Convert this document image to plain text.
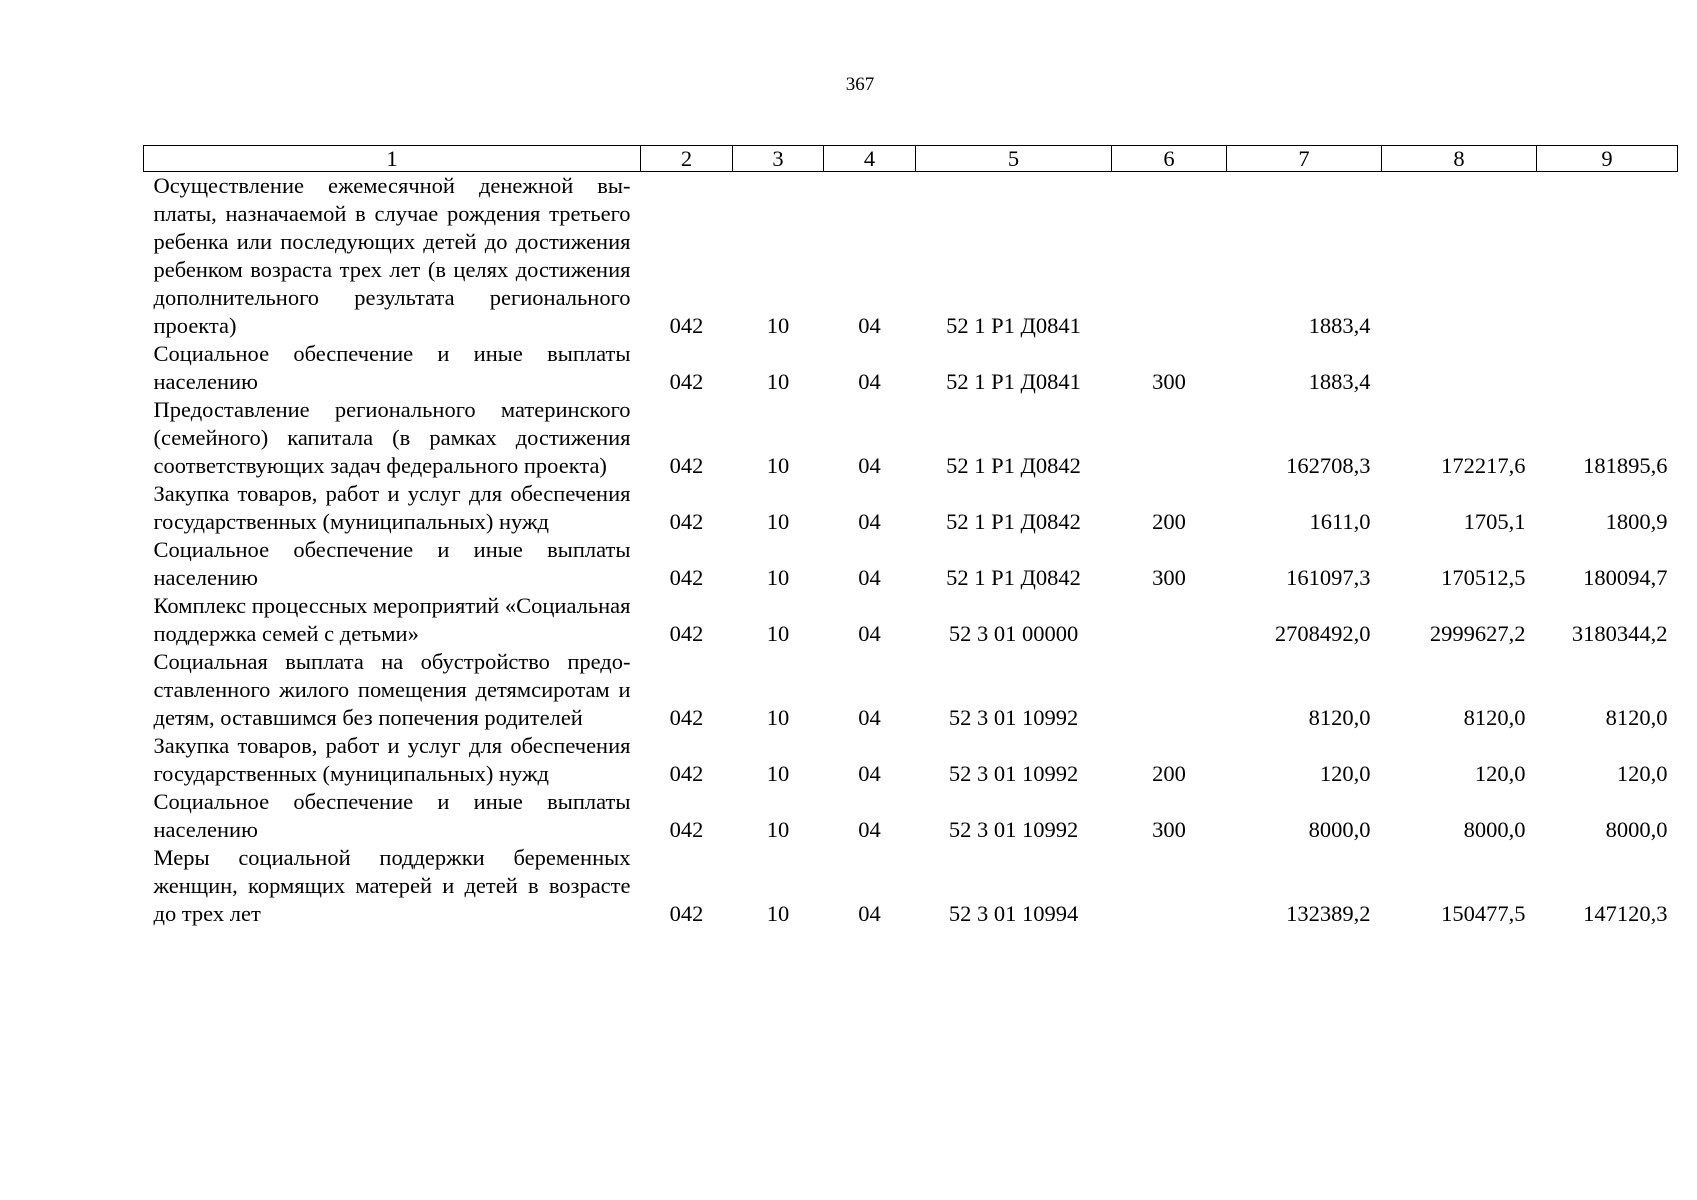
367
1	2	3	4	5	6	7	8	9
Осуществление ежемесячной денежной выплаты, назначаемой в случае рождения третьего ребенка или последующих детей до достижения ребенком возраста трех лет (в целях достижения дополнительного результата регионального проекта)	042	10	04	52 1 Р1 Д0841		1883,4		
Социальное обеспечение и иные выплаты населению	042	10	04	52 1 Р1 Д0841	300	1883,4		
Предоставление регионального материнского (семейного) капитала (в рамках достижения соответствующих задач федерального проекта)	042	10	04	52 1 Р1 Д0842		162708,3	172217,6	181895,6
Закупка товаров, работ и услуг для обеспечения государственных (муниципальных) нужд	042	10	04	52 1 Р1 Д0842	200	1611,0	1705,1	1800,9
Социальное обеспечение и иные выплаты населению	042	10	04	52 1 Р1 Д0842	300	161097,3	170512,5	180094,7
Комплекс процессных мероприятий «Социальная поддержка семей с детьми»	042	10	04	52 3 01 00000		2708492,0	2999627,2	3180344,2
Социальная выплата на обустройство предоставленного жилого помещения детямсиротам и детям, оставшимся без попечения родителей	042	10	04	52 3 01 10992		8120,0	8120,0	8120,0
Закупка товаров, работ и услуг для обеспечения государственных (муниципальных) нужд	042	10	04	52 3 01 10992	200	120,0	120,0	120,0
Социальное обеспечение и иные выплаты населению	042	10	04	52 3 01 10992	300	8000,0	8000,0	8000,0
Меры социальной поддержки беременных женщин, кормящих матерей и детей в возрасте до трех лет	042	10	04	52 3 01 10994		132389,2	150477,5	147120,3
